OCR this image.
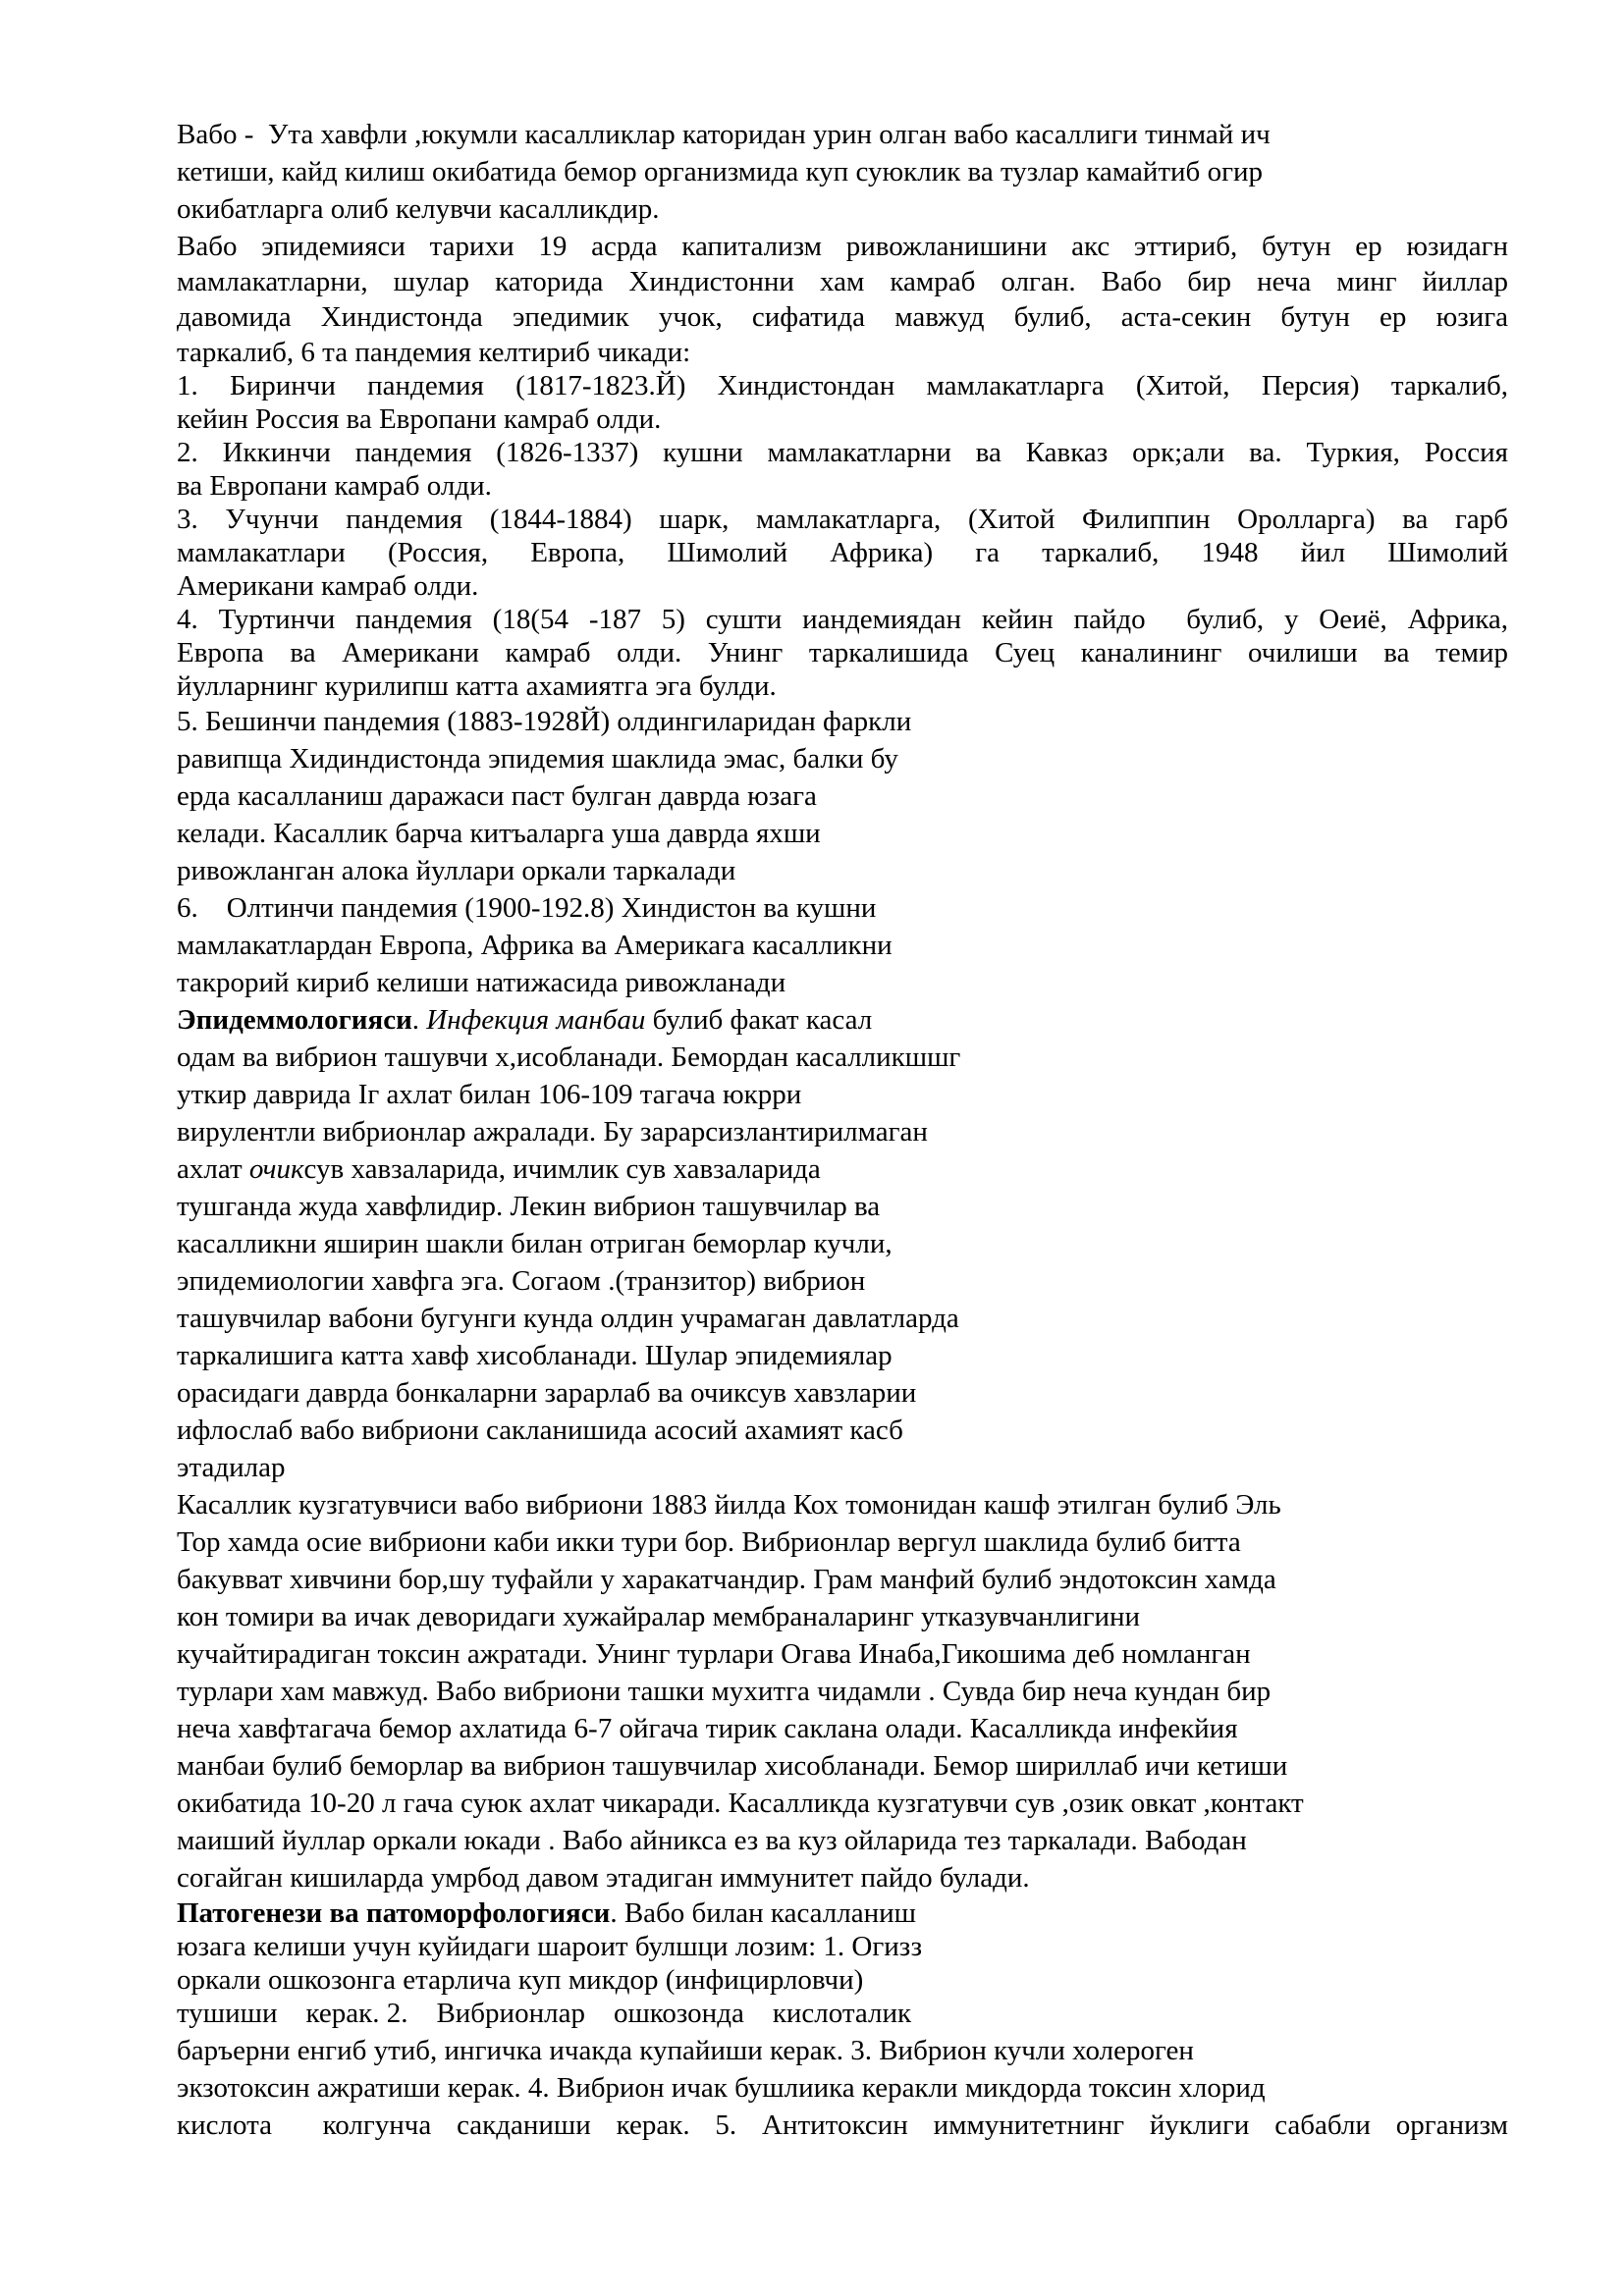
Вабо -  Ута хавфли ,юкумли касалликлар каторидан урин олган вабо касаллиги тинмай ич
кетиши, кайд килиш окибатида бемор организмида куп суюклик ва тузлар камайтиб огир
окибатларга олиб келувчи касалликдир.
Вабо эпидемияси тарихи 19 асрда капитализм ривожланишини акс эттириб, бутун ер юзидагн
мамлакатларни, шулар каторида Хиндистонни хам камраб олган. Вабо бир неча минг йиллар
давомида Хиндистонда эпедимик учок, сифатида мавжуд булиб, аста-секин бутун ер юзига
таркалиб, 6 та пандемия келтириб чикади:
1. Биринчи пандемия (1817-1823.Й) Хиндистондан мамлакатларга (Хитой, Персия) таркалиб,
кейин Россия ва Европани камраб олди.
2. Иккинчи пандемия (1826-1337) кушни мамлакатларни ва Кавказ орк;али ва. Туркия, Россия
ва Европани камраб олди.
3. Учунчи пандемия (1844-1884) шарк, мамлакатларга, (Хитой Филиппин Оролларга) ва гарб
мамлакатлари (Россия, Европа, Шимолий Африка) га таркалиб, 1948 йил Шимолий
Американи камраб олди.
4. Туртинчи пандемия (18(54 -187 5) сушти иандемиядан кейин пайдо  булиб, у Оеиё, Африка,
Европа ва Американи камраб олди. Унинг таркалишида Суец каналининг очилиши ва темир
йулларнинг курилипш катта ахамиятга эга булди.
5. Бешинчи пандемия (1883-1928Й) олдингиларидан фаркли
равипща Хидиндистонда эпидемия шаклида эмас, балки бу
ерда касалланиш даражаси паст булган даврда юзага
келади. Касаллик барча китъаларга уша даврда яхши
ривожланган алока йуллари оркали таркалади
6.    Олтинчи пандемия (1900-192.8) Хиндистон ва кушни
мамлакатлардан Европа, Африка ва Америкага касалликни
такрорий кириб келиши натижасида ривожланади
Эпидеммологияси. Инфекция манбаи булиб факат касал
одам ва вибрион ташувчи х,исобланади. Бемордан касалликшшг
уткир даврида Iг ахлат билан 106-109 тагача юкрри
вирулентли вибрионлар ажралади. Бу зарарсизлантирилмаган
ахлат очиксув хавзаларида, ичимлик сув хавзаларида
тушганда жуда хавфлидир. Лекин вибрион ташувчилар ва
касалликни яширин шакли билан отриган беморлар кучли,
эпидемиологии хавфга эга. Согаом .(транзитор) вибрион
ташувчилар вабони бугунги кунда олдин учрамаган давлатларда
таркалишига катта хавф хисобланади. Шулар эпидемиялар
орасидаги даврда бонкаларни зарарлаб ва очиксув хавзларии
ифлослаб вабо вибриони сакланишида асосий ахамият касб
этадилар
Касаллик кузгатувчиси вабо вибриони 1883 йилда Кох томонидан кашф этилган булиб Эль
Тор хамда осие вибриони каби икки тури бор. Вибрионлар вергул шаклида булиб битта
бакувват хивчини бор,шу туфайли у харакатчандир. Грам манфий булиб эндотоксин хамда
кон томири ва ичак деворидаги хужайралар мембраналаринг утказувчанлигини
кучайтирадиган токсин ажратади. Унинг турлари Огава Инаба,Гикошима деб номланган
турлари хам мавжуд. Вабо вибриони ташки мухитга чидамли . Сувда бир неча кундан бир
неча хавфтагача бемор ахлатида 6-7 ойгача тирик саклана олади. Касалликда инфекйия
манбаи булиб беморлар ва вибрион ташувчилар хисобланади. Бемор шириллаб ичи кетиши
окибатида 10-20 л гача суюк ахлат чикаради. Касалликда кузгатувчи сув ,озик овкат ,контакт
маиший йуллар оркали юкади . Вабо айникса ез ва куз ойларида тез таркалади. Вабодан
согайган кишиларда умрбод давом этадиган иммунитет пайдо булади.
Патогенези ва патоморфологияси. Вабо билан касалланиш
юзага келиши учун куйидаги шароит булшци лозим: 1. Огизз
оркали ошкозонга етарлича куп микдор (инфицирловчи)
тушиши    керак. 2.    Вибрионлар    ошкозонда    кислоталик
баръерни енгиб утиб, ингичка ичакда купайиши керак. 3. Вибрион кучли холероген
экзотоксин ажратиши керак. 4. Вибрион ичак бушлиика керакли микдорда токсин хлорид
кислота  колгунча сакданиши керак. 5. Антитоксин иммунитетнинг йуклиги сабабли организм
